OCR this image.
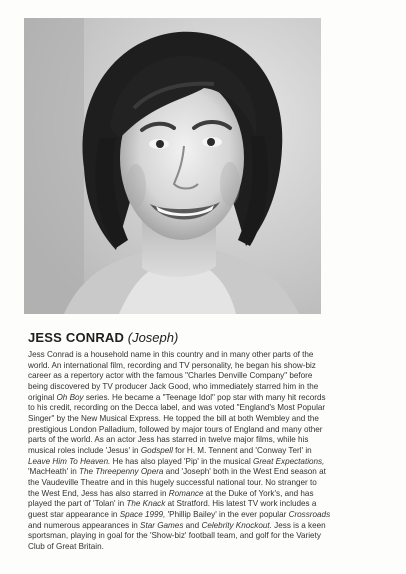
JESS CONRAD (Joseph)
Jess Conrad is a household name in this country and in many other parts of the
world. An international film, recording and TV personality, he began his show-biz
career as a repertory actor with the famous "Charles Denville Company" before
being discovered by TV producer Jack Good, who immediately starred him in the
original Oh Boy series. He became a "Teenage Idol" pop star with many hit records
to his credit, recording on the Decca label, and was voted "England's Most Popular
Singer" by the New Musical Express. He topped the bill at both Wembley and the
prestigious London Palladium, followed by major tours of England and many other
parts of the world. As an actor Jess has starred in twelve major films, while his
musical roles include 'Jesus' in Godspell for H. M. Tennent and 'Conway Terl' in
Leave Him To Heaven. He has also played 'Pip' in the musical Great Expectations,
'MacHeath' in The Threepenny Opera and 'Joseph' both in the West End season at
the Vaudeville Theatre and in this hugely successful national tour. No stranger to
the West End, Jess has also starred in Romance at the Duke of York's, and has
played the part of 'Tolan' in The Knack at Stratford. His latest TV work includes a
guest star appearance in Space 1999, 'Phillip Bailey' in the ever popular Crossroads
and numerous appearances in Star Games and Celebrity Knockout. Jess is a keen
sportsman, playing in goal for the 'Show-biz' football team, and golf for the Variety
Club of Great Britain.
